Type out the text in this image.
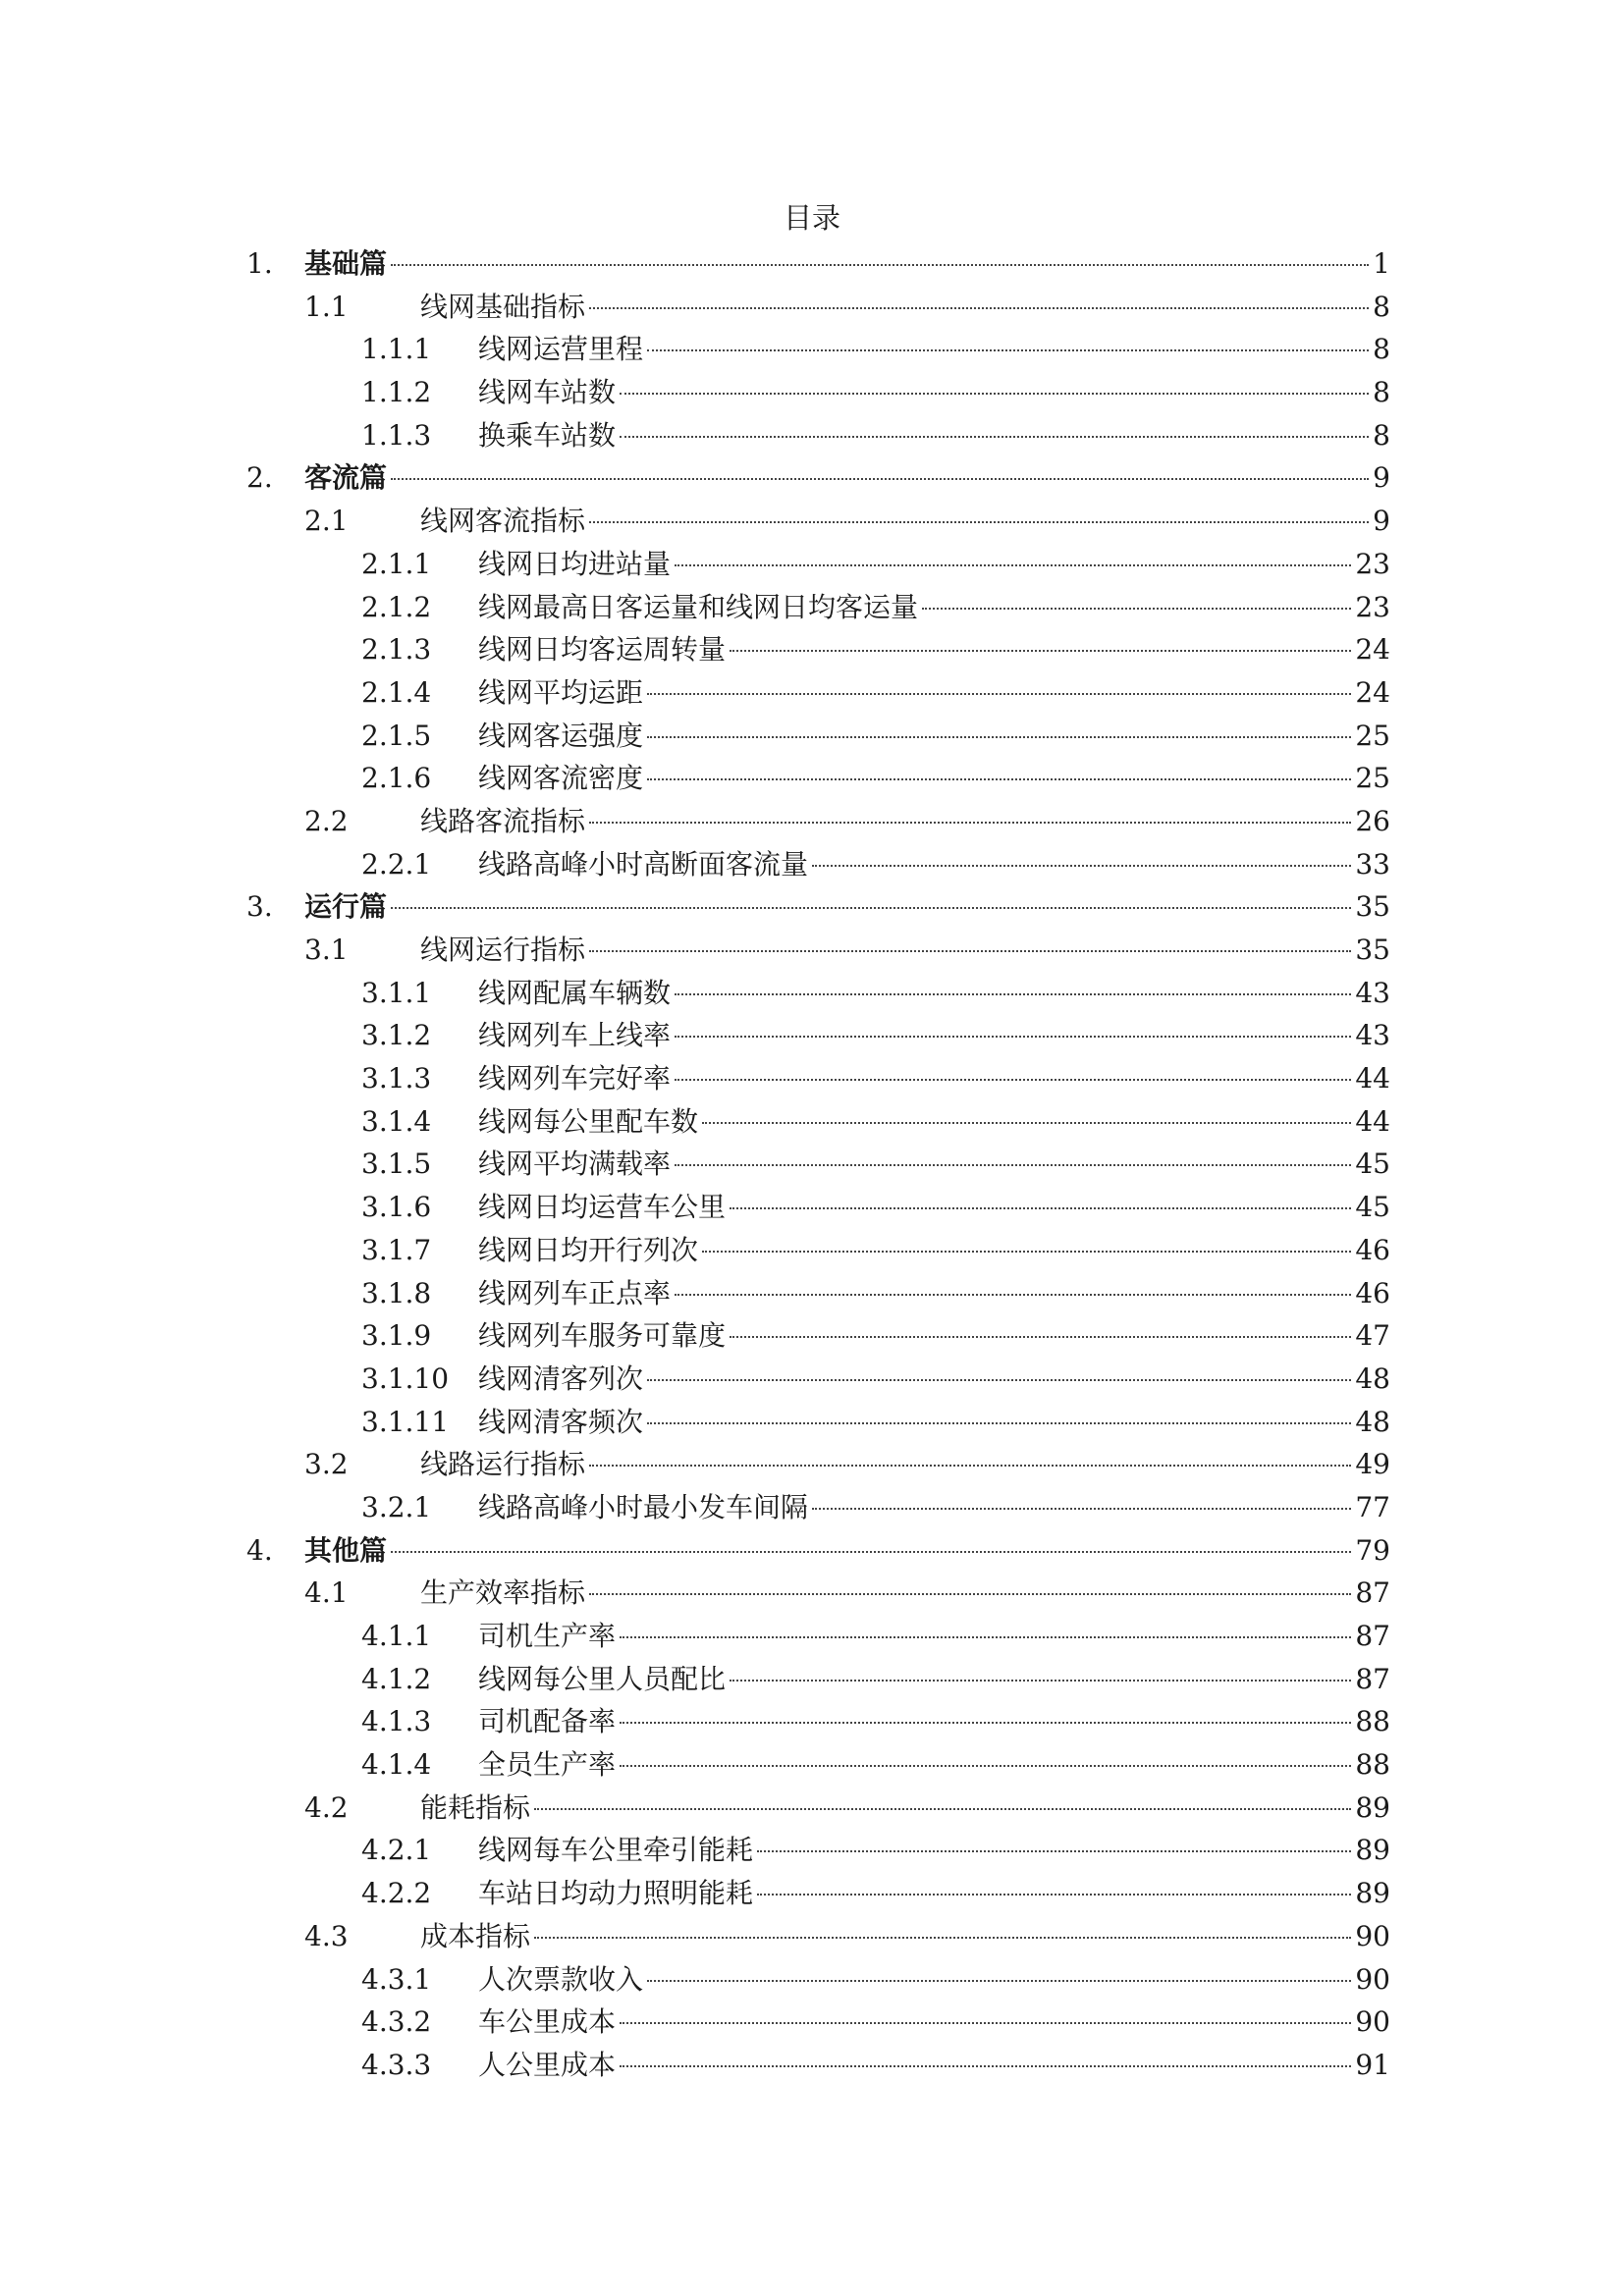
目录
1. 基础篇	1
1.1	线网基础指标	8
1.1.1 线网运营里程	8
1.1.2 线网车站数	8
1.1.3 换乘车站数	8
2. 客流篇	9
2.1	线网客流指标	9
2.1.1 线网日均进站量	23
2.1.2 线网最高日客运量和线网日均客运量	23
2.1.3 线网日均客运周转量	24
2.1.4 线网平均运距	24
2.1.5 线网客运强度	25
2.1.6 线网客流密度	25
2.2	线路客流指标	26
2.2.1 线路高峰小时高断面客流量	33
3. 运行篇	35
3.1	线网运行指标	35
3.1.1 线网配属车辆数	43
3.1.2 线网列车上线率	43
3.1.3 线网列车完好率	44
3.1.4 线网每公里配车数	44
3.1.5 线网平均满载率	45
3.1.6 线网日均运营车公里	45
3.1.7 线网日均开行列次	46
3.1.8 线网列车正点率	46
3.1.9 线网列车服务可靠度	47
3.1.10 线网清客列次	48
3.1.11 线网清客频次	48
3.2	线路运行指标	49
3.2.1 线路高峰小时最小发车间隔	77
4. 其他篇	79
4.1	生产效率指标	87
4.1.1 司机生产率	87
4.1.2 线网每公里人员配比	87
4.1.3 司机配备率	88
4.1.4 全员生产率	88
4.2	能耗指标	89
4.2.1 线网每车公里牵引能耗	89
4.2.2 车站日均动力照明能耗	89
4.3	成本指标	90
4.3.1 人次票款收入	90
4.3.2 车公里成本	90
4.3.3 人公里成本	91
